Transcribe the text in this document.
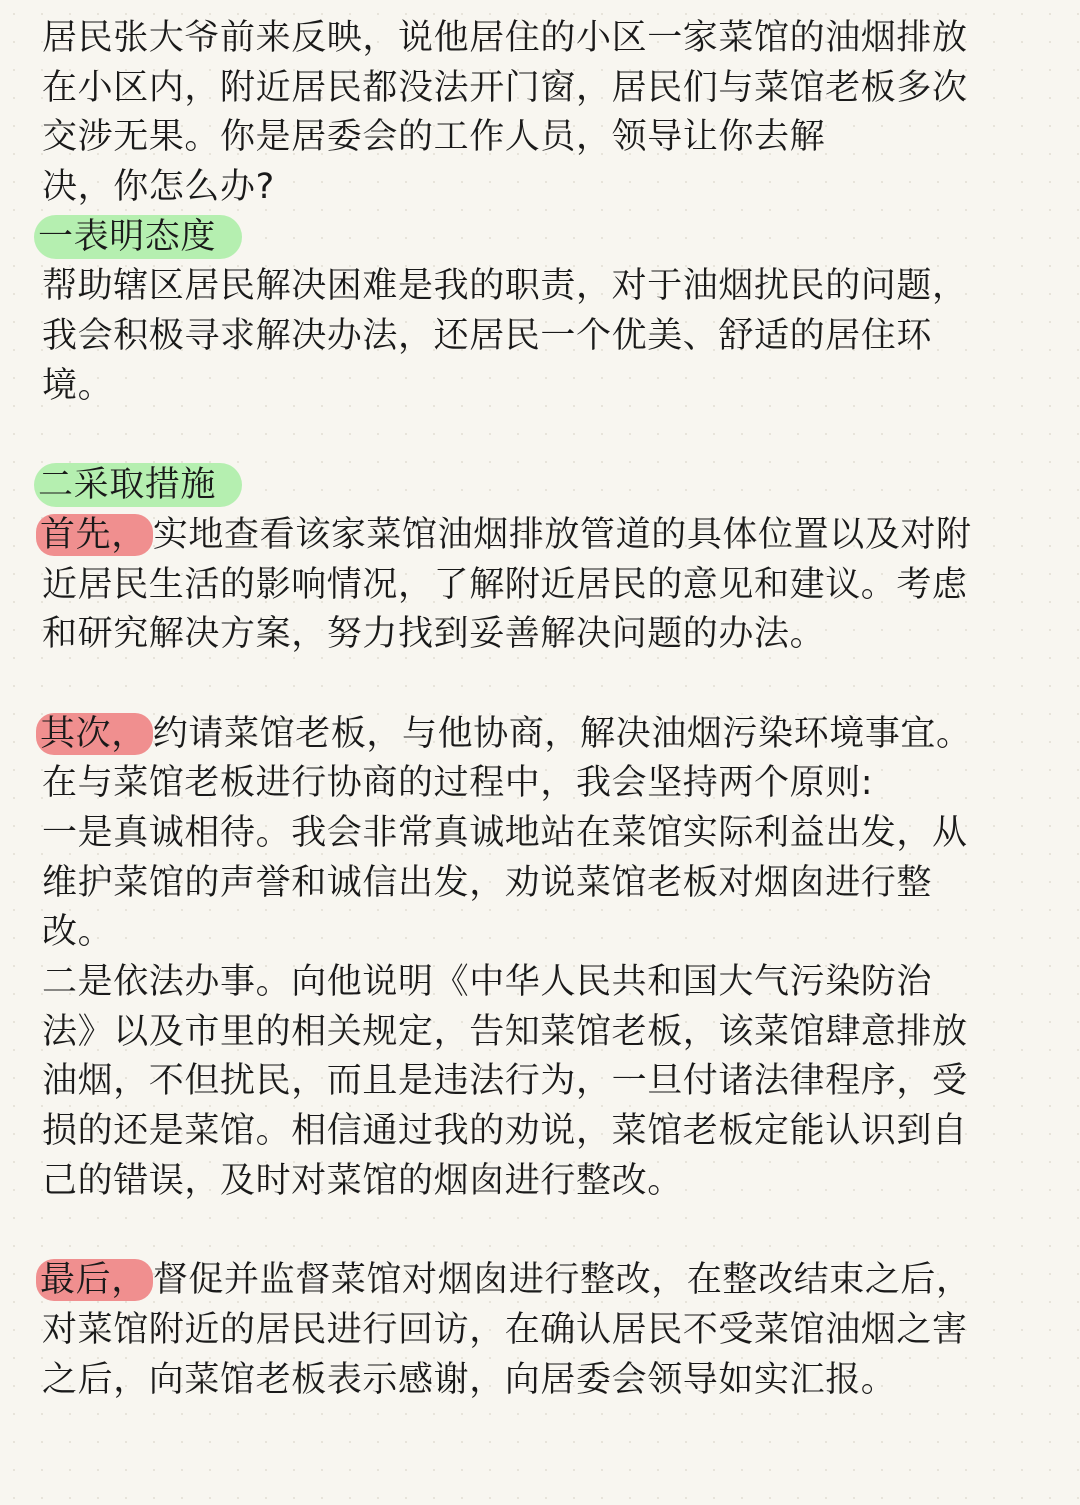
居民张大爷前来反映，说他居住的小区一家菜馆的油烟排放
在小区内，附近居民都没法开门窗，居民们与菜馆老板多次
交涉无果。你是居委会的工作人员，领导让你去解
决，你怎么办?
一表明态度
帮助辖区居民解决困难是我的职责，对于油烟扰民的问题，
我会积极寻求解决办法，还居民一个优美、舒适的居住环
境。
二采取措施
首先， 实地查看该家菜馆油烟排放管道的具体位置以及对附
近居民生活的影响情况，了解附近居民的意见和建议。考虑
和研究解决方案，努力找到妥善解决问题的办法。
其次， 约请菜馆老板，与他协商，解决油烟污染环境事宜。
在与菜馆老板进行协商的过程中，我会坚持两个原则:
一是真诚相待。我会非常真诚地站在菜馆实际利益出发，从
维护菜馆的声誉和诚信出发，劝说菜馆老板对烟囱进行整
改。
二是依法办事。向他说明《中华人民共和国大气污染防治
法》以及市里的相关规定，告知菜馆老板，该菜馆肆意排放
油烟，不但扰民，而且是违法行为，一旦付诸法律程序，受
损的还是菜馆。相信通过我的劝说，菜馆老板定能认识到自
己的错误，及时对菜馆的烟囱进行整改。
最后， 督促并监督菜馆对烟囱进行整改，在整改结束之后，
对菜馆附近的居民进行回访，在确认居民不受菜馆油烟之害
之后，向菜馆老板表示感谢，向居委会领导如实汇报。
